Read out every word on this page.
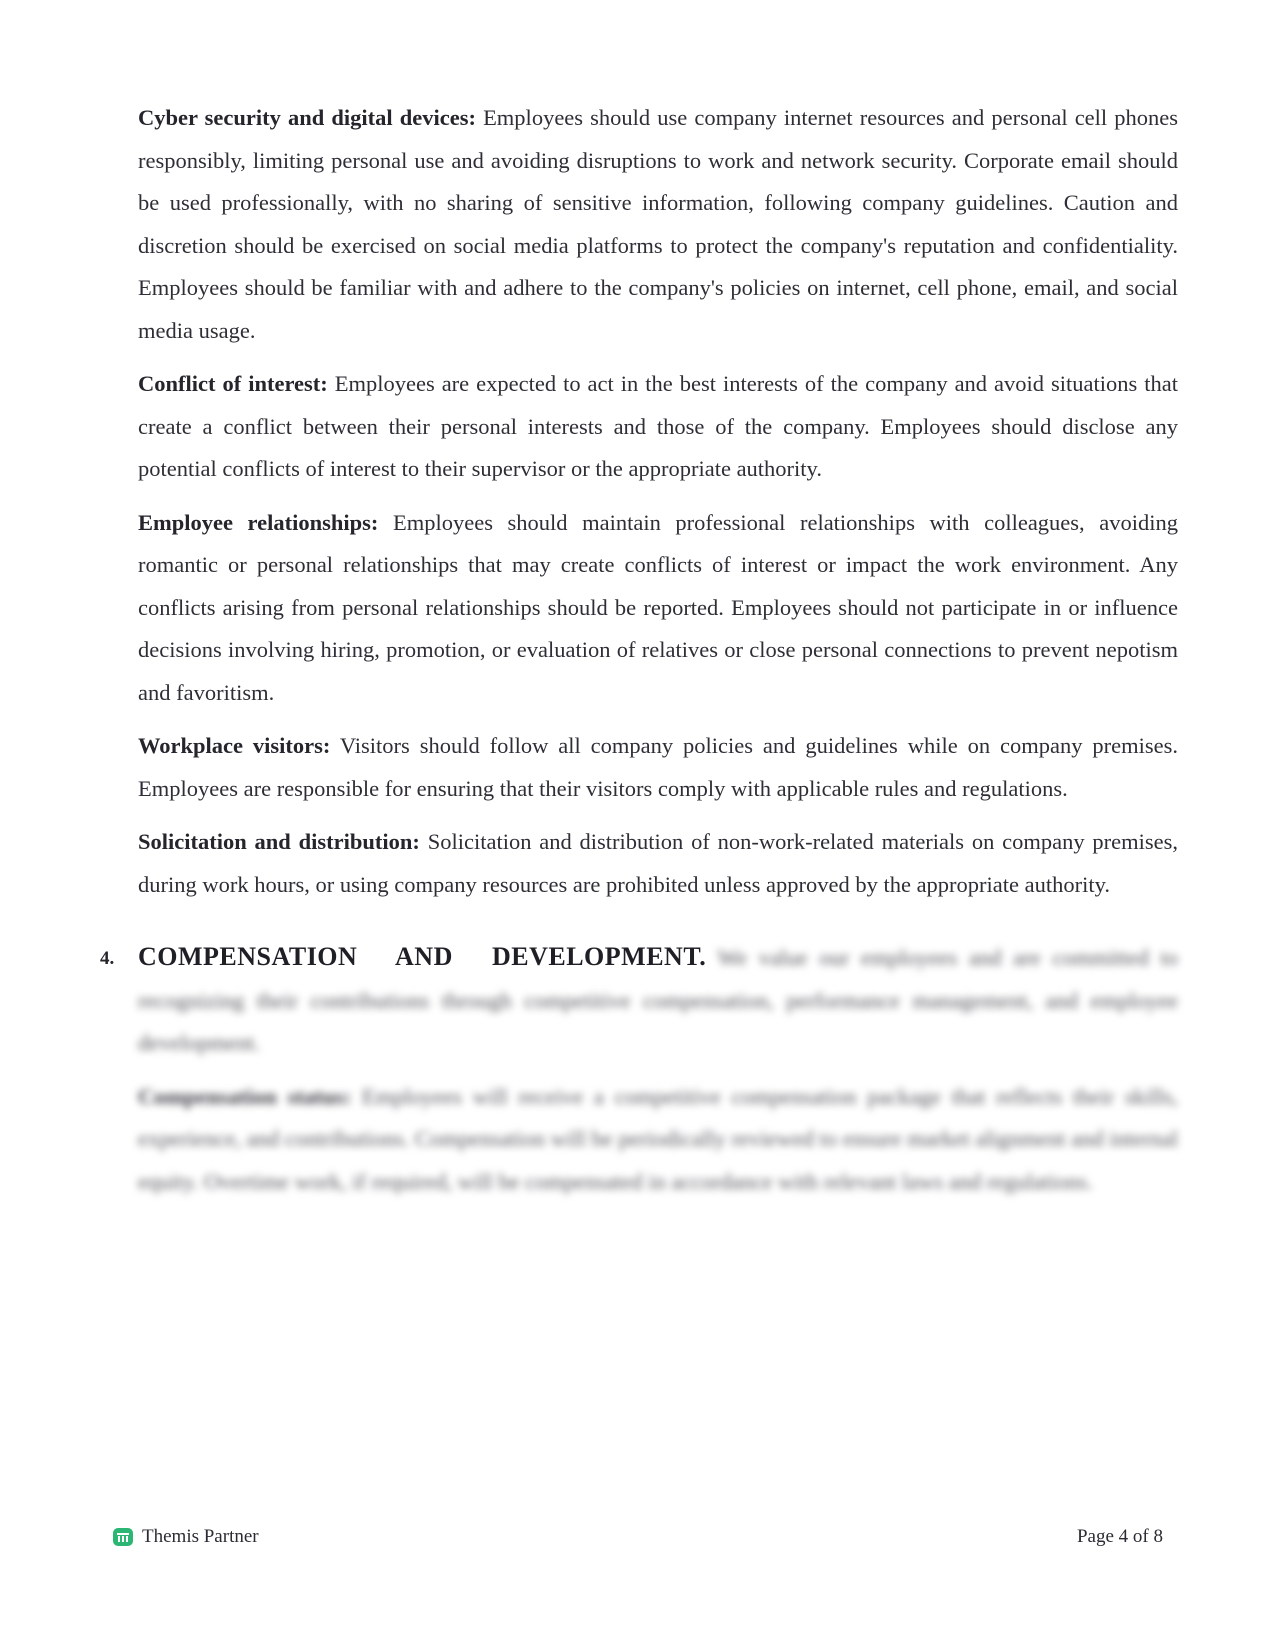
Cyber security and digital devices: Employees should use company internet resources and personal cell phones responsibly, limiting personal use and avoiding disruptions to work and network security. Corporate email should be used professionally, with no sharing of sensitive information, following company guidelines. Caution and discretion should be exercised on social media platforms to protect the company's reputation and confidentiality. Employees should be familiar with and adhere to the company's policies on internet, cell phone, email, and social media usage.

Conflict of interest: Employees are expected to act in the best interests of the company and avoid situations that create a conflict between their personal interests and those of the company. Employees should disclose any potential conflicts of interest to their supervisor or the appropriate authority.

Employee relationships: Employees should maintain professional relationships with colleagues, avoiding romantic or personal relationships that may create conflicts of interest or impact the work environment. Any conflicts arising from personal relationships should be reported. Employees should not participate in or influence decisions involving hiring, promotion, or evaluation of relatives or close personal connections to prevent nepotism and favoritism.

Workplace visitors: Visitors should follow all company policies and guidelines while on company premises. Employees are responsible for ensuring that their visitors comply with applicable rules and regulations.

Solicitation and distribution: Solicitation and distribution of non-work-related materials on company premises, during work hours, or using company resources are prohibited unless approved by the appropriate authority.

4. COMPENSATION AND DEVELOPMENT. We value our employees and are committed to recognizing their contributions through competitive compensation, performance management, and employee development.

Compensation status: Employees will receive a competitive compensation package that reflects their skills, experience, and contributions. Compensation will be periodically reviewed to ensure market alignment and internal equity. Overtime work, if required, will be compensated in accordance with relevant laws and regulations.

Themis Partner	Page 4 of 8
